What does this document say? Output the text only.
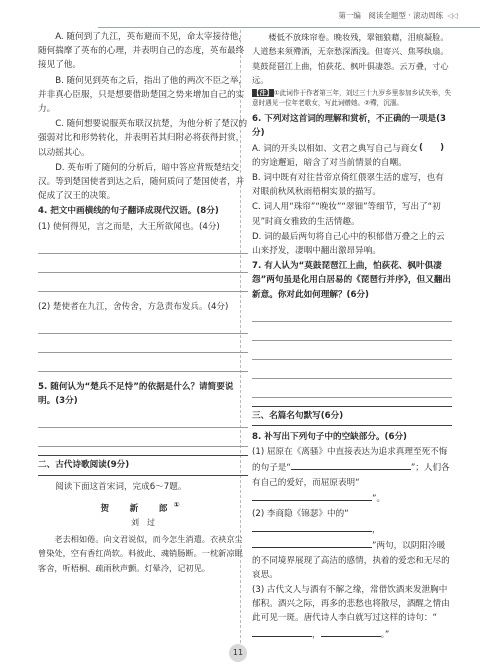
第一编　阅读全题型 · 滚动周练 ◁◁·

A. 随何到了九江，英布避而不见，命太宰接待他，随何揣摩了英布的心理，并表明自己的态度，英布最终接见了他。

B. 随何见到英布之后，指出了他的两次不臣之举，并非真心臣服，只是想要借助楚国之势来增加自己的实力。

C. 随何想要说服英布联汉抗楚，为他分析了楚汉的强弱对比和形势转化，并表明若其归附必将获得封赏，以动摇其心。

D. 英布听了随何的分析后，暗中答应背叛楚结交汉。等到楚国使者到达之后，随何质问了楚国使者，并促成了汉王的决策。

4. 把文中画横线的句子翻译成现代汉语。(8分)

(1) 使何得见，言之而是，大王所欲闻也。(4分)

(2) 楚使者在九江，舍传舍，方急责布发兵。(4分)

5. 随何认为“楚兵不足恃”的依据是什么？请简要说明。(3分)

二、古代诗歌阅读(9分)

阅读下面这首宋词，完成6～7题。

贺　新　郎①
刘　过

老去相如倦。向文君说似，而今怎生消遣。衣袂京尘曾染处，空有香红尚软。料彼此、魂销肠断。一枕新凉眠客舍，听梧桐、疏雨秋声颤。灯晕冷，记初见。

楼低不放珠帘卷。晚妆残，翠钿狼藉，泪痕凝脸。人道愁来须殢酒，无奈愁深酒浅。但寄兴、焦琴纨扇。莫鼓琵琶江上曲，怕荻花、枫叶俱凄怨。云万叠，寸心远。

【注】①此词作于作者第三年，刘过三十九岁乡里参加乡试失举，失意时遇见一位年老歌女，写此词赠她。②殢，沉湎。

6. 下列对这首词的理解和赏析，不正确的一项是(3分)

(　　)

A. 词的开头以相如、文君之典写自己与商女的穷途邂逅，暗含了对当前情景的自嘲。

B. 词中既有对往昔帝京倚红偎翠生活的虚写，也有对眼前秋风秋雨梧桐实景的描写。

C. 词人用“珠帘”“晚妆”“翠钿”等细节，写出了“初见”时商女雅致的生活情趣。

D. 词的最后两句将自己心中的积郁借万叠之上的云山来抒发，凄咽中翻出激昂异响。

7. 有人认为“莫鼓琵琶江上曲，怕荻花、枫叶俱凄怨”两句虽是化用白居易的《琵琶行并序》，但又翻出新意。你对此如何理解？(6分)

三、名篇名句默写(6分)

8. 补写出下列句子中的空缺部分。(6分)

(1) 屈原在《离骚》中直接表达为追求真理至死不悔的句子是“	”；人们各有自己的爱好，而屈原表明“”。

(2) 李商隐《锦瑟》中的“，”两句，以阴阳冷暖的不同境界展现了高洁的感情，执着的爱恋和无尽的哀思。

(3) 古代文人与酒有不解之缘，常借饮酒来发泄胸中郁积。酒兴之际，再多的悲愁也将散尽，酒醒之情由此可见一斑。唐代诗人李白就写过这样的诗句：“，	。”

11
